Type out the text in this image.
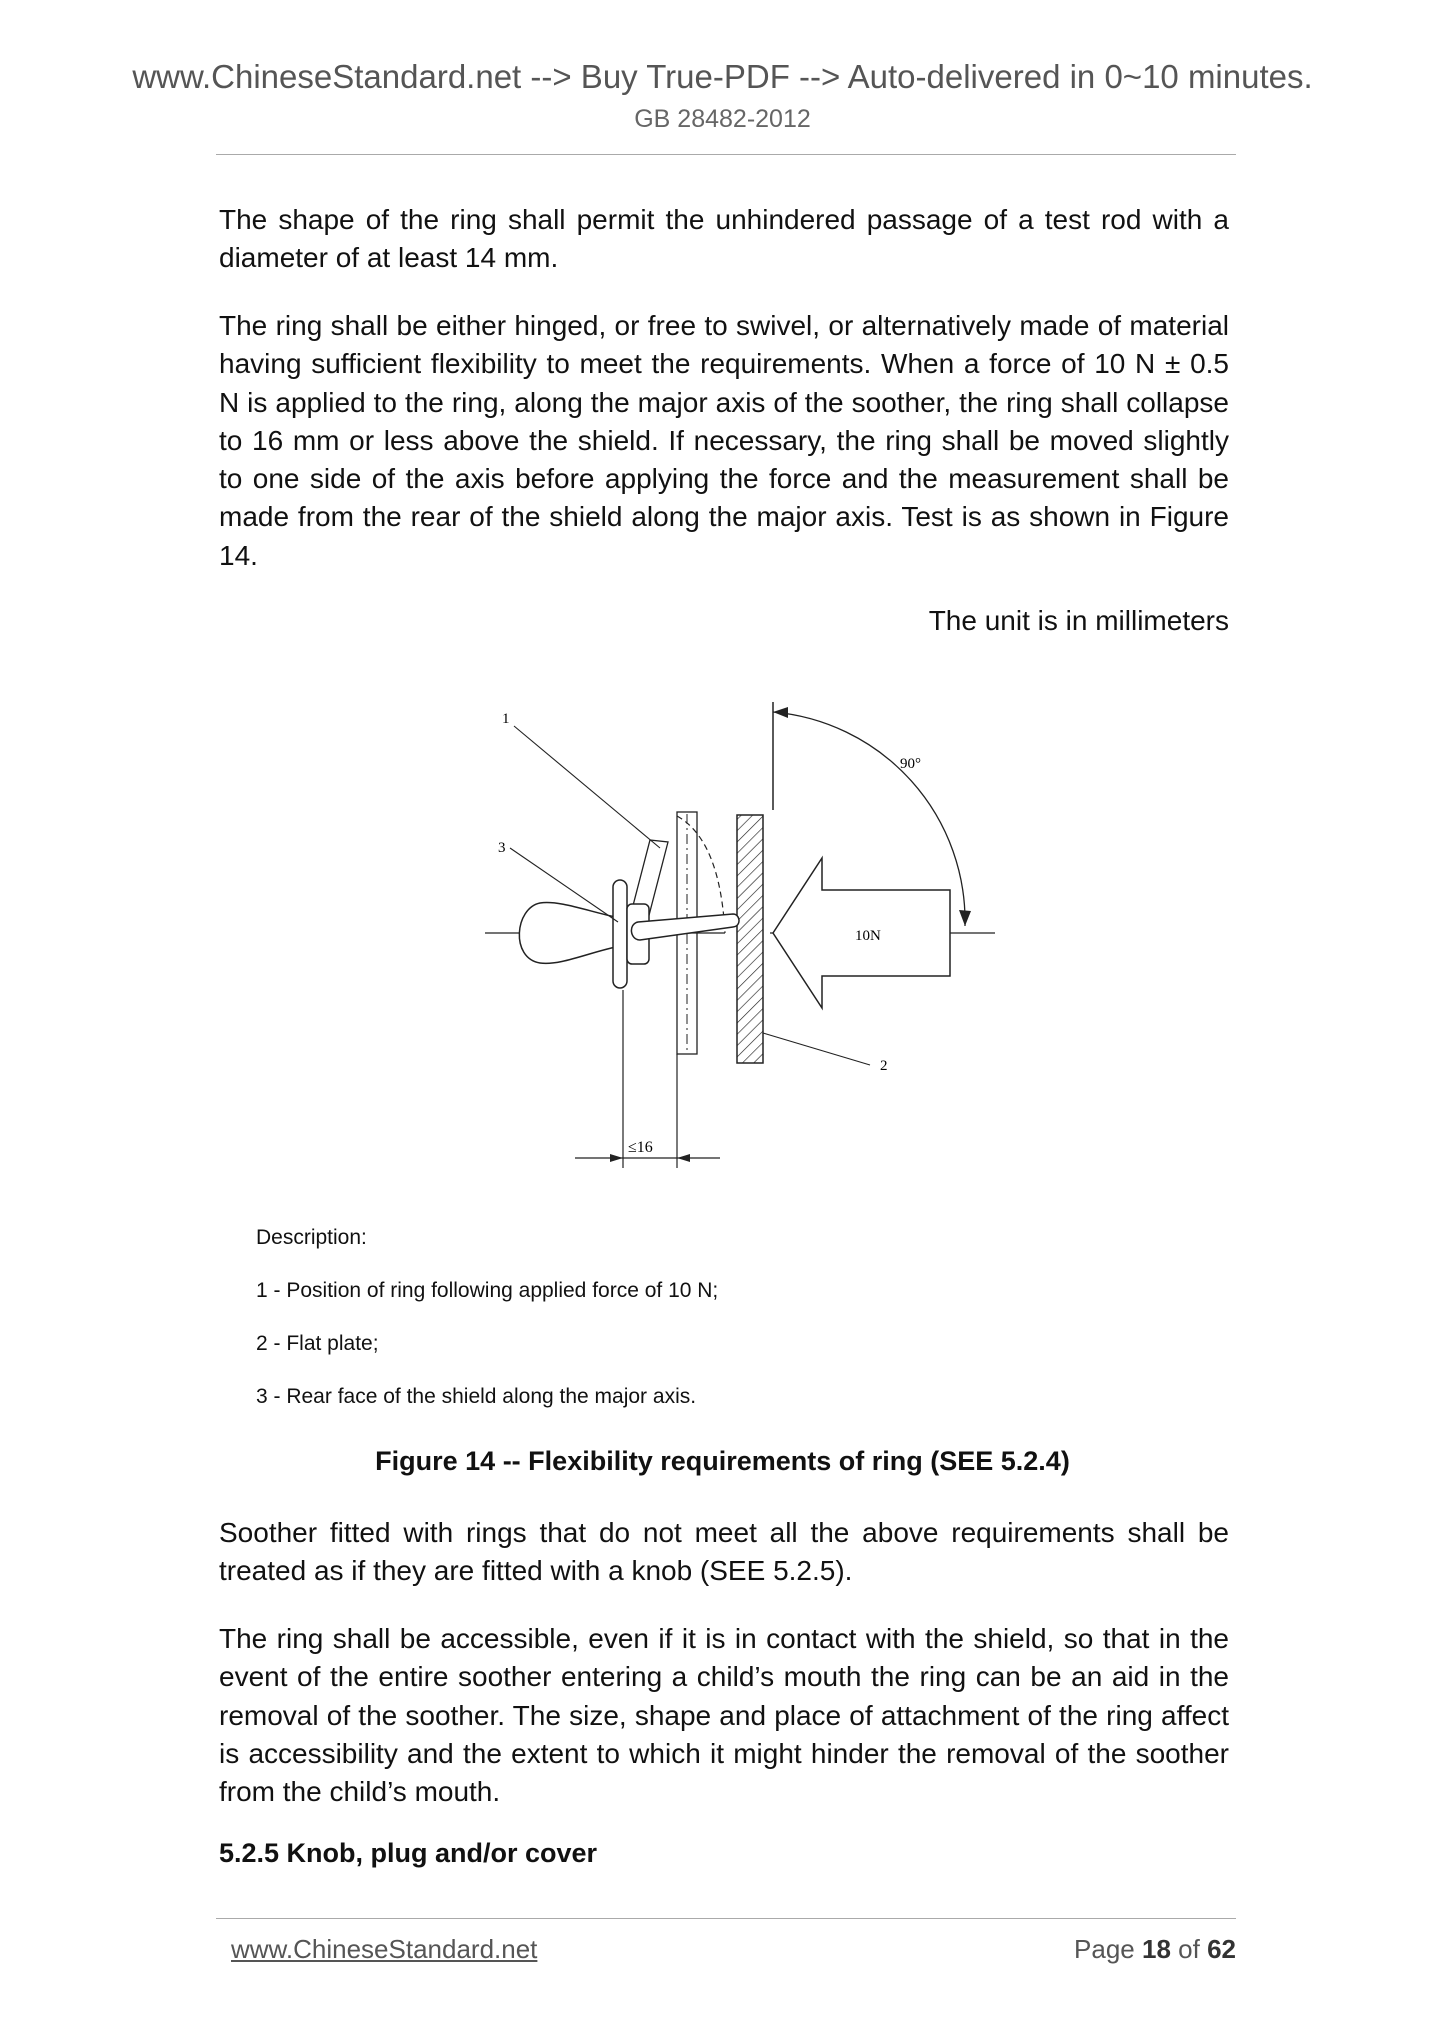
www.ChineseStandard.net --> Buy True-PDF --> Auto-delivered in 0~10 minutes.
GB 28482-2012
The shape of the ring shall permit the unhindered passage of a test rod with a diameter of at least 14 mm.
The ring shall be either hinged, or free to swivel, or alternatively made of material having sufficient flexibility to meet the requirements. When a force of 10 N ± 0.5 N is applied to the ring, along the major axis of the soother, the ring shall collapse to 16 mm or less above the shield. If necessary, the ring shall be moved slightly to one side of the axis before applying the force and the measurement shall be made from the rear of the shield along the major axis. Test is as shown in Figure 14.
The unit is in millimeters
90°
10N
≤16
1
3
2
Description:
1 - Position of ring following applied force of 10 N;
2 - Flat plate;
3 - Rear face of the shield along the major axis.
Figure 14 -- Flexibility requirements of ring (SEE 5.2.4)
Soother fitted with rings that do not meet all the above requirements shall be treated as if they are fitted with a knob (SEE 5.2.5).
The ring shall be accessible, even if it is in contact with the shield, so that in the event of the entire soother entering a child’s mouth the ring can be an aid in the removal of the soother. The size, shape and place of attachment of the ring affect is accessibility and the extent to which it might hinder the removal of the soother from the child’s mouth.
5.2.5 Knob, plug and/or cover
www.ChineseStandard.net	Page 18 of 62
